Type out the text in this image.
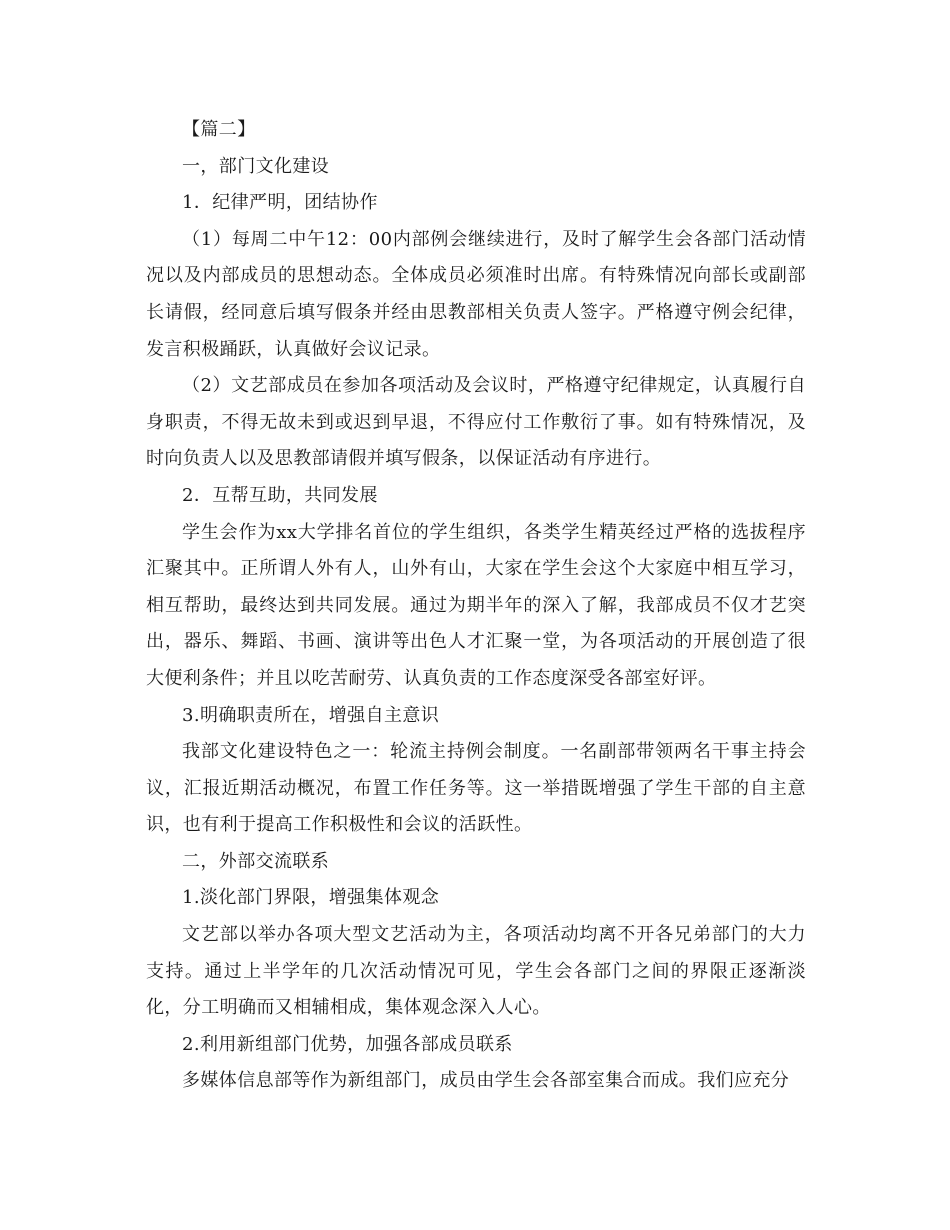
【篇二】

一，部门文化建设

1．纪律严明，团结协作

（1）每周二中午12：00内部例会继续进行，及时了解学生会各部门活动情况以及内部成员的思想动态。全体成员必须准时出席。有特殊情况向部长或副部长请假，经同意后填写假条并经由思教部相关负责人签字。严格遵守例会纪律，发言积极踊跃，认真做好会议记录。

（2）文艺部成员在参加各项活动及会议时，严格遵守纪律规定，认真履行自身职责，不得无故未到或迟到早退，不得应付工作敷衍了事。如有特殊情况，及时向负责人以及思教部请假并填写假条，以保证活动有序进行。

2．互帮互助，共同发展

学生会作为xx大学排名首位的学生组织，各类学生精英经过严格的选拔程序汇聚其中。正所谓人外有人，山外有山，大家在学生会这个大家庭中相互学习，相互帮助，最终达到共同发展。通过为期半年的深入了解，我部成员不仅才艺突出，器乐、舞蹈、书画、演讲等出色人才汇聚一堂，为各项活动的开展创造了很大便利条件；并且以吃苦耐劳、认真负责的工作态度深受各部室好评。

3.明确职责所在，增强自主意识

我部文化建设特色之一：轮流主持例会制度。一名副部带领两名干事主持会议，汇报近期活动概况，布置工作任务等。这一举措既增强了学生干部的自主意识，也有利于提高工作积极性和会议的活跃性。

二，外部交流联系

1.淡化部门界限，增强集体观念

文艺部以举办各项大型文艺活动为主，各项活动均离不开各兄弟部门的大力支持。通过上半学年的几次活动情况可见，学生会各部门之间的界限正逐渐淡化，分工明确而又相辅相成，集体观念深入人心。

2.利用新组部门优势，加强各部成员联系

多媒体信息部等作为新组部门，成员由学生会各部室集合而成。我们应充分
